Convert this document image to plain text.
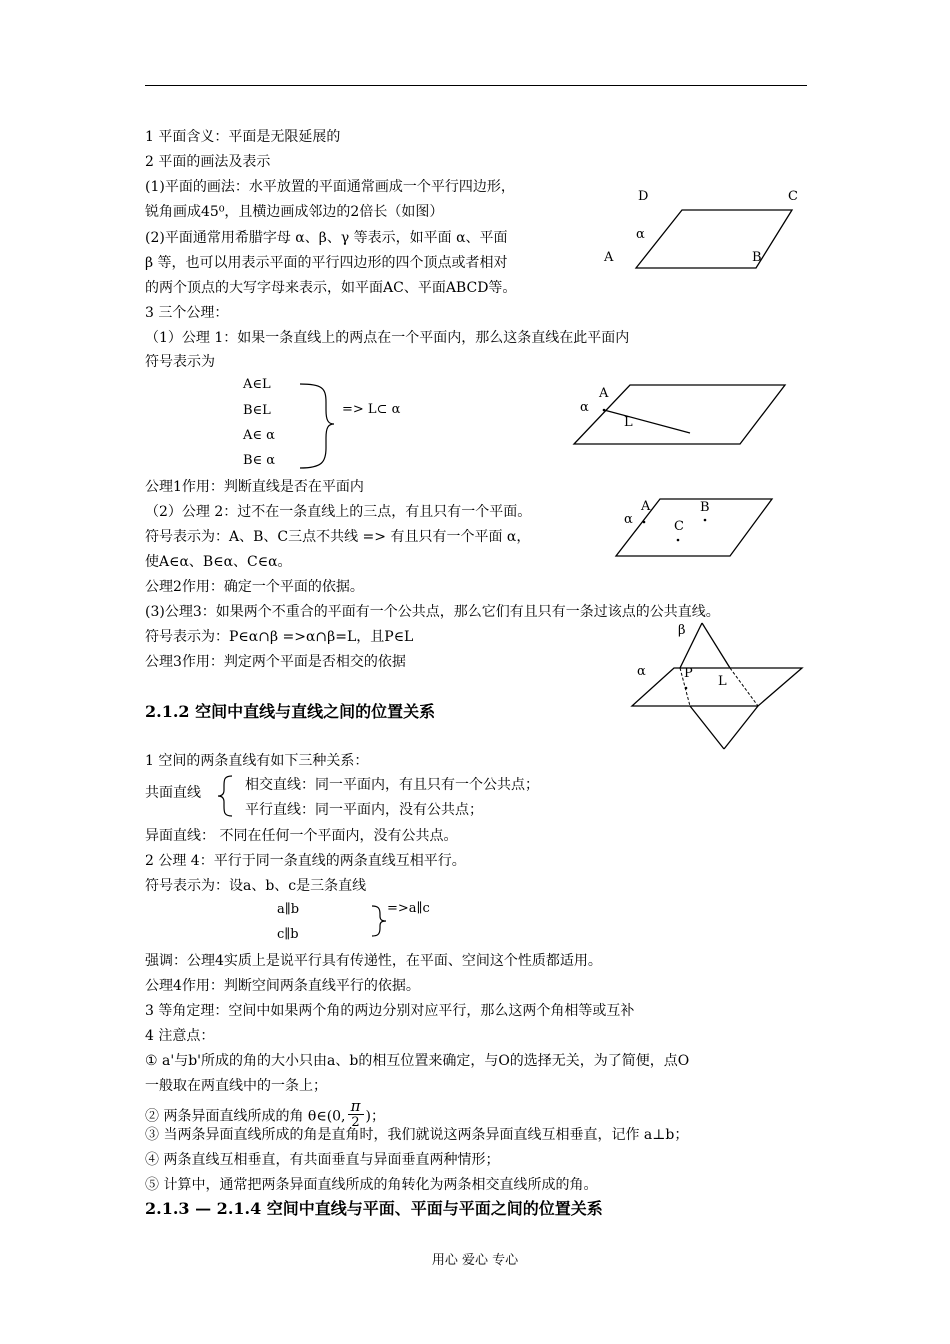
1 平面含义：平面是无限延展的
2 平面的画法及表示
(1)平面的画法：水平放置的平面通常画成一个平行四边形，
锐角画成45⁰，且横边画成邻边的2倍长（如图）
(2)平面通常用希腊字母 α、β、γ 等表示，如平面 α、平面
β 等，也可以用表示平面的平行四边形的四个顶点或者相对
的两个顶点的大写字母来表示，如平面AC、平面ABCD等。
3 三个公理：
（1）公理 1：如果一条直线上的两点在一个平面内，那么这条直线在此平面内
符号表示为
A∈L
B∈L
A∈ α
B∈ α
=> L⊂ α
公理1作用：判断直线是否在平面内
（2）公理 2：过不在一条直线上的三点，有且只有一个平面。
符号表示为：A、B、C三点不共线 => 有且只有一个平面 α，
使A∈α、B∈α、C∈α。
公理2作用：确定一个平面的依据。
(3)公理3：如果两个不重合的平面有一个公共点，那么它们有且只有一条过该点的公共直线。
符号表示为：P∈α∩β =>α∩β=L，且P∈L
公理3作用：判定两个平面是否相交的依据
2.1.2 空间中直线与直线之间的位置关系
1 空间的两条直线有如下三种关系：
共面直线	相交直线：同一平面内，有且只有一个公共点；
平行直线：同一平面内，没有公共点；
异面直线： 不同在任何一个平面内，没有公共点。
2 公理 4：平行于同一条直线的两条直线互相平行。
符号表示为：设a、b、c是三条直线
a∥b
c∥b
=>a∥c
强调：公理4实质上是说平行具有传递性，在平面、空间这个性质都适用。
公理4作用：判断空间两条直线平行的依据。
3 等角定理：空间中如果两个角的两边分别对应平行，那么这两个角相等或互补
4 注意点：
① a'与b'所成的角的大小只由a、b的相互位置来确定，与O的选择无关，为了简便，点O
一般取在两直线中的一条上；
② 两条异面直线所成的角 θ∈(0, $\frac{\pi}{2}$ )；
③ 当两条异面直线所成的角是直角时，我们就说这两条异面直线互相垂直，记作 a⊥b；
④ 两条直线互相垂直，有共面垂直与异面垂直两种情形；
⑤ 计算中，通常把两条异面直线所成的角转化为两条相交直线所成的角。
2.1.3 — 2.1.4 空间中直线与平面、平面与平面之间的位置关系
用心 爱心 专心
D	C
α
A	B
α
A
L
α
A	B
C
β
α	P
L
